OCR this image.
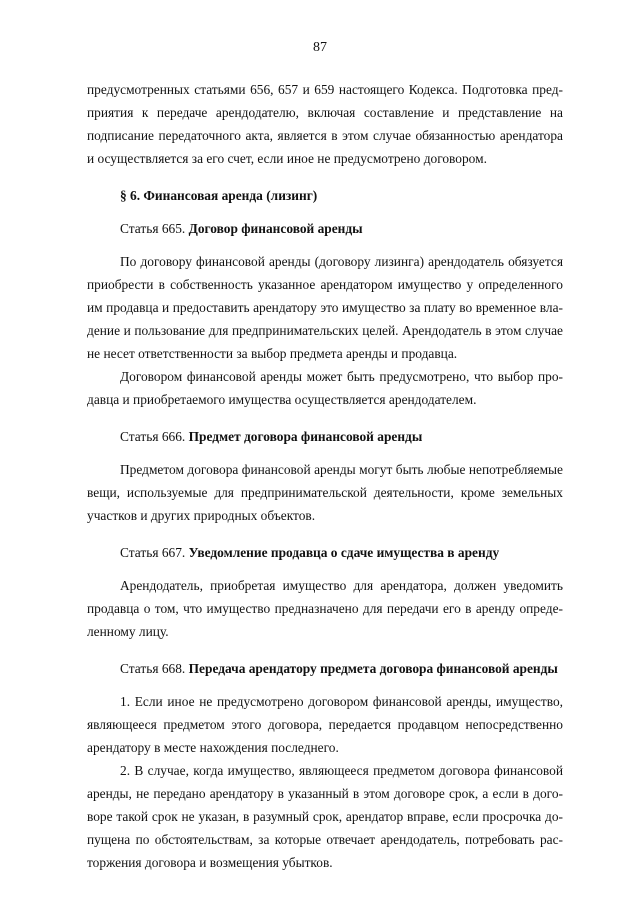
87

предусмотренных статьями 656, 657 и 659 настоящего Кодекса. Подготовка предприятия к передаче арендодателю, включая составление и представление на подписание передаточного акта, является в этом случае обязанностью арендатора и осуществляется за его счет, если иное не предусмотрено договором.

§ 6. Финансовая аренда (лизинг)

Статья 665. Договор финансовой аренды

По договору финансовой аренды (договору лизинга) арендодатель обязуется приобрести в собственность указанное арендатором имущество у определенного им продавца и предоставить арендатору это имущество за плату во временное владение и пользование для предпринимательских целей. Арендодатель в этом случае не несет ответственности за выбор предмета аренды и продавца.

Договором финансовой аренды может быть предусмотрено, что выбор продавца и приобретаемого имущества осуществляется арендодателем.

Статья 666. Предмет договора финансовой аренды

Предметом договора финансовой аренды могут быть любые непотребляемые вещи, используемые для предпринимательской деятельности, кроме земельных участков и других природных объектов.

Статья 667. Уведомление продавца о сдаче имущества в аренду

Арендодатель, приобретая имущество для арендатора, должен уведомить продавца о том, что имущество предназначено для передачи его в аренду определенному лицу.

Статья 668. Передача арендатору предмета договора финансовой аренды

1. Если иное не предусмотрено договором финансовой аренды, имущество, являющееся предметом этого договора, передается продавцом непосредственно арендатору в месте нахождения последнего.

2. В случае, когда имущество, являющееся предметом договора финансовой аренды, не передано арендатору в указанный в этом договоре срок, а если в договоре такой срок не указан, в разумный срок, арендатор вправе, если просрочка допущена по обстоятельствам, за которые отвечает арендодатель, потребовать расторжения договора и возмещения убытков.
